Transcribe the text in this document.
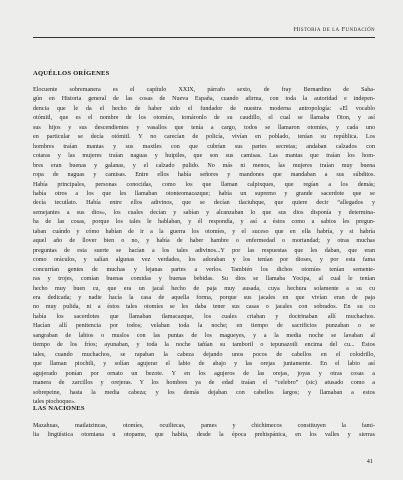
Historia de la Fundación
AQUÉLLOS ORÍGENES
Elocuente sobremanera es el capítulo XXIX, párrafo sexto, de fray Bernardino de Saha-
gún en Historia general de las cosas de Nueva España, cuando afirma, con toda la autoridad e indepen-
dencia que le da el hecho de haber sido el fundador de nuestra moderna antropología: «El vocablo
otómitl, que es el nombre de los otomíes, tomáronlo de su caudillo, el cual se llamaba Oton, y así
sus hijos y sus descendientes y vasallos que tenía a cargo, todos se llamaron otomíes, y cada uno
en particular se decía otómitl. Y no carecían de policía, vivían en poblado, tenían su república. Los
hombres traían mantas y sus maxtles con que cubrían sus partes secretas; andaban calzados con
cotaras y las mujeres traían naguas y huipiles, que son sus camisas. Las mantas que traían los hom-
bres eran buenas y galanas, y el calzado pulido. No más ni menos, las mujeres traían muy buena
ropa de naguas y camisas. Entre ellos había señores y mandones que mandaban a sus súbditos.
Había principales, personas conocidas, como los que llaman calpixques, que regían a los demás;
había otros a los que les llamaban otonteomacazque; había un supremo y grande sacerdote que se
decía tecutlato. Había entre ellos adivinos, que se decían tlaciuhque, que quiere decir “allegados y
semejantes a sus dios», los cuales decían y sabían y alcanzaban lo que sus dios disponía y determina-
ba de las cosas, porque los tales le hablaban, y él respondía, y así a éstos como a sabios les pregun-
taban cuándo y cómo habían de ir a la guerra los otomíes, y el suceso que en ella habría, y si habría
aquel año de llover bien o no, y había de haber hambre o enfermedad o mortandad; y otras muchas
preguntas de esta suerte se hacían a los tales adivinos...Y por las respuestas que les daban, que eran
como oráculos, y salían algunas vez verdades, los adoraban y los tenían por dioses, y por esta fama
concurrían gentes de muchas y lejanas partes a verlos. También los dichos otomíes tenían semente-
ras y trojes, comían buenas comidas y buenas bebidas. Su dios se llamaba Yocipa, al cual le tenían
hecho muy buen cu, que era un jacal hecho de paja muy ausada, cuya hechura solamente a su cu
era dedicada; y nadie hacía la casa de aquella forma, porque sus jacales en que vivían eran de paja
no muy pulida, ni a éstos tales otomíes se les daba tener sus casas o jacales con sobrados. En su cu
había los sacerdotes que llamaban tlamacazque, los cuales criaban y doctrinaban allí muchachos.
Hacían allí penitencia por todos; velaban toda la noche; en tiempo de sacrificios punzaban o se
sangraban de labios o muslos con las puntas de los magueyes, y a la media noche se lavaban al
tiempo de los fríos; ayunaban, y toda la noche tañían su tamboril o tepunazotli encima del cu... Éstos
tales, cuando muchachos, se rapaban la cabeza dejando unos pocos de cabellos en el colodrillo,
que llaman piochtli, y solían agujerar el labio de abajo y las orejas juntamente. En el labio así
agujerado ponían por ornato un bezote. Y en los agujeros de las orejas, joyas y otras cosas a
manera de zarcillos y orejeras. Y los hombres ya de edad traían el “celebro” (sic) atusado como a
sobrepeine, hasta la media cabeza; y los demás dejaban con cabellos largos; y llamaban a estos
tales piochoque».
LAS NACIONES
Mazahuas, matlatzincas, otomíes, ocuiltecas, pames y chichimecos constituyen la fami-
lia lingüística otomiana u otopame, que habita, desde la época prehispánica, en los valles y sierras
41
